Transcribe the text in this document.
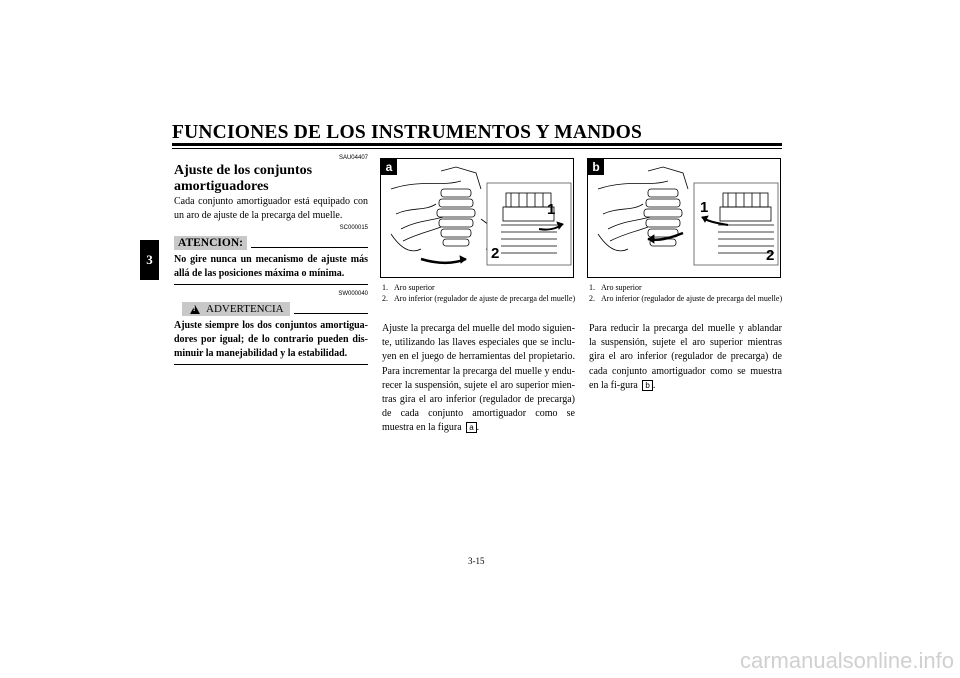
FUNCIONES DE LOS INSTRUMENTOS Y MANDOS
3
SAU04407
Ajuste de los conjuntos amortiguadores
Cada conjunto amortiguador está equipado con un aro de ajuste de la precarga del muelle.
SC000015
ATENCION:
No gire nunca un mecanismo de ajuste más allá de las posiciones máxima o mínima.
SW000040
! ADVERTENCIA
Ajuste siempre los dos conjuntos amortigua-dores por igual; de lo contrario pueden dis-minuir la manejabilidad y la estabilidad.
a
1
2
1. Aro superior
2. Aro inferior (regulador de ajuste de precarga del muelle)
Ajuste la precarga del muelle del modo siguien-te, utilizando las llaves especiales que se inclu-yen en el juego de herramientas del propietario. Para incrementar la precarga del muelle y endu-recer la suspensión, sujete el aro superior mien-tras gira el aro inferior (regulador de precarga) de cada conjunto amortiguador como se muestra en la figura a .
b
1
2
1. Aro superior
2. Aro inferior (regulador de ajuste de precarga del muelle)
Para reducir la precarga del muelle y ablandar la suspensión, sujete el aro superior mientras gira el aro inferior (regulador de precarga) de cada conjunto amortiguador como se muestra en la fi-gura b .
3-15
carmanualsonline.info
